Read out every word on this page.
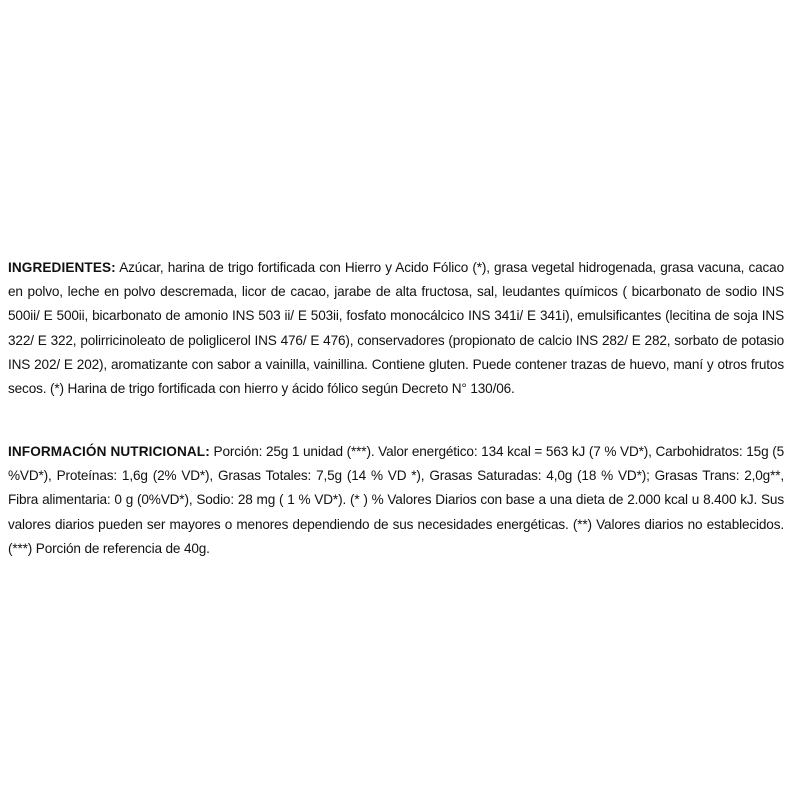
INGREDIENTES: Azúcar, harina de trigo fortificada con Hierro y Acido Fólico (*), grasa vegetal hidrogenada, grasa vacuna, cacao en polvo, leche en polvo descremada, licor de cacao, jarabe de alta fructosa, sal, leudantes químicos ( bicarbonato de sodio INS 500ii/ E 500ii, bicarbonato de amonio INS 503 ii/ E 503ii, fosfato monocálcico INS 341i/ E 341i), emulsificantes (lecitina de soja INS 322/ E 322, polirricinoleato de poliglicerol INS 476/ E 476), conservadores (propionato de calcio INS 282/ E 282, sorbato de potasio INS 202/ E 202), aromatizante con sabor a vainilla, vainillina. Contiene gluten. Puede contener trazas de huevo, maní y otros frutos secos. (*) Harina de trigo fortificada con hierro y ácido fólico según Decreto N° 130/06.
INFORMACIÓN NUTRICIONAL: Porción: 25g 1 unidad (***). Valor energético: 134 kcal = 563 kJ (7 % VD*), Carbohidratos: 15g (5 %VD*), Proteínas: 1,6g (2% VD*), Grasas Totales: 7,5g (14 % VD *), Grasas Saturadas: 4,0g (18 % VD*); Grasas Trans: 2,0g**, Fibra alimentaria: 0 g (0%VD*), Sodio: 28 mg ( 1 % VD*). (* ) % Valores Diarios con base a una dieta de 2.000 kcal u 8.400 kJ. Sus valores diarios pueden ser mayores o menores dependiendo de sus necesidades energéticas. (**) Valores diarios no establecidos. (***) Porción de referencia de 40g.
